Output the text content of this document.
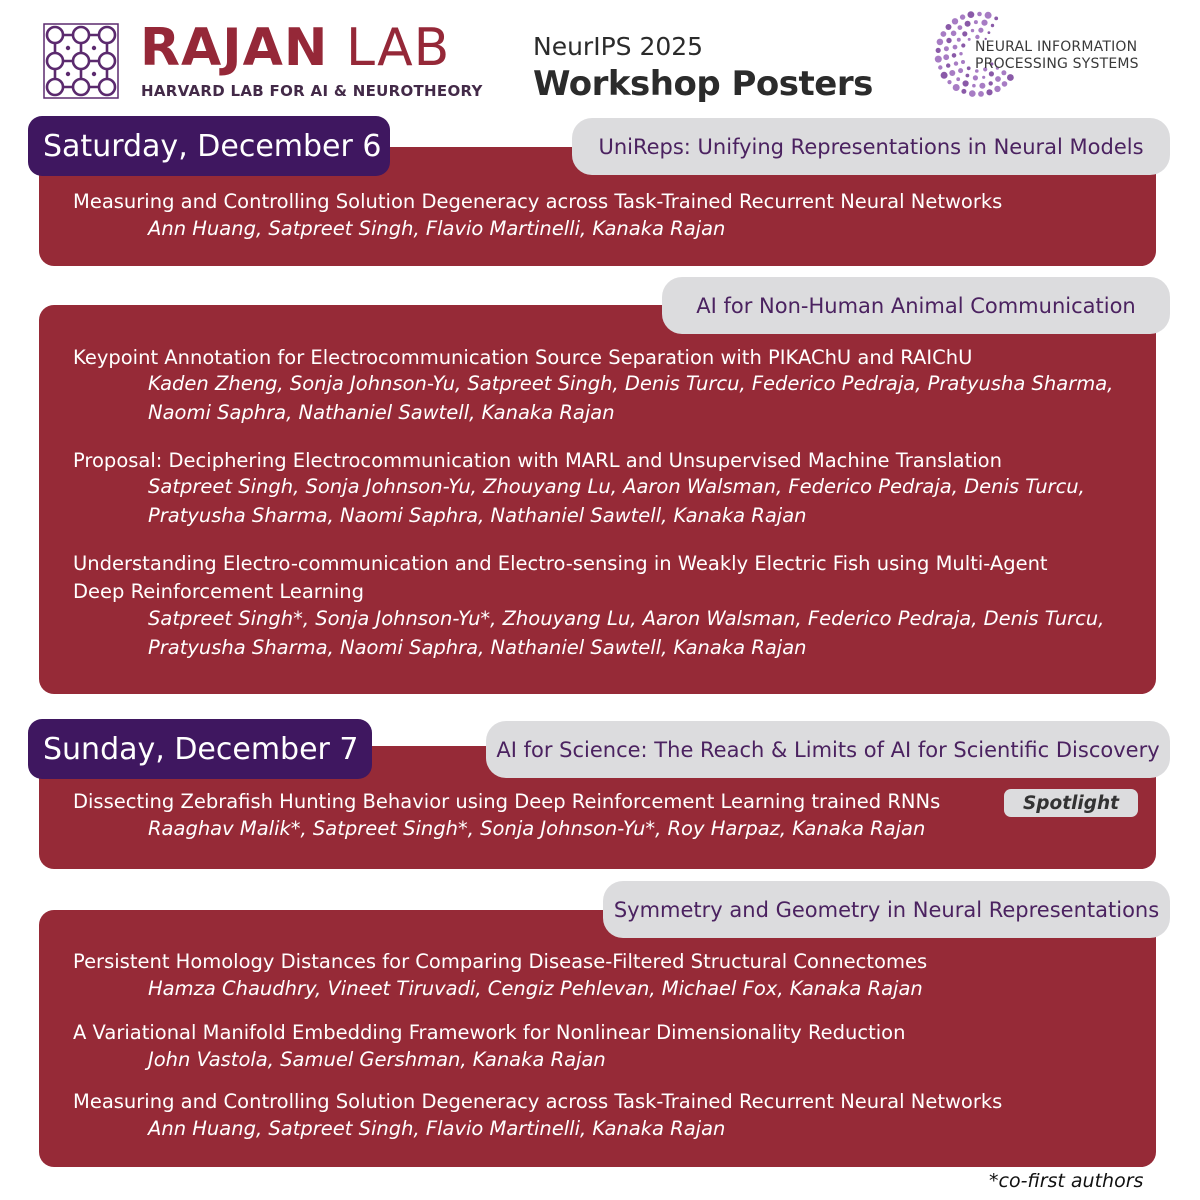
RAJAN LAB
HARVARD LAB FOR AI & NEUROTHEORY
NeurIPS 2025
Workshop Posters
NEURAL INFORMATION
PROCESSING SYSTEMS
UniReps: Unifying Representations in Neural Models
AI for Non-Human Animal Communication
AI for Science: The Reach & Limits of AI for Scientific Discovery
Symmetry and Geometry in Neural Representations
Saturday, December 6
Sunday, December 7
Measuring and Controlling Solution Degeneracy across Task-Trained Recurrent Neural Networks
Ann Huang, Satpreet Singh, Flavio Martinelli, Kanaka Rajan
Keypoint Annotation for Electrocommunication Source Separation with PIKAChU and RAIChU
Kaden Zheng, Sonja Johnson-Yu, Satpreet Singh, Denis Turcu, Federico Pedraja, Pratyusha Sharma,
Naomi Saphra, Nathaniel Sawtell, Kanaka Rajan
Proposal: Deciphering Electrocommunication with MARL and Unsupervised Machine Translation
Satpreet Singh, Sonja Johnson-Yu, Zhouyang Lu, Aaron Walsman, Federico Pedraja, Denis Turcu,
Pratyusha Sharma, Naomi Saphra, Nathaniel Sawtell, Kanaka Rajan
Understanding Electro-communication and Electro-sensing in Weakly Electric Fish using Multi-Agent
Deep Reinforcement Learning
Satpreet Singh*, Sonja Johnson-Yu*, Zhouyang Lu, Aaron Walsman, Federico Pedraja, Denis Turcu,
Pratyusha Sharma, Naomi Saphra, Nathaniel Sawtell, Kanaka Rajan
Dissecting Zebrafish Hunting Behavior using Deep Reinforcement Learning trained RNNs
Raaghav Malik*, Satpreet Singh*, Sonja Johnson-Yu*, Roy Harpaz, Kanaka Rajan
Spotlight
Persistent Homology Distances for Comparing Disease-Filtered Structural Connectomes
Hamza Chaudhry, Vineet Tiruvadi, Cengiz Pehlevan, Michael Fox, Kanaka Rajan
A Variational Manifold Embedding Framework for Nonlinear Dimensionality Reduction
John Vastola, Samuel Gershman, Kanaka Rajan
Measuring and Controlling Solution Degeneracy across Task-Trained Recurrent Neural Networks
Ann Huang, Satpreet Singh, Flavio Martinelli, Kanaka Rajan
*co-first authors
